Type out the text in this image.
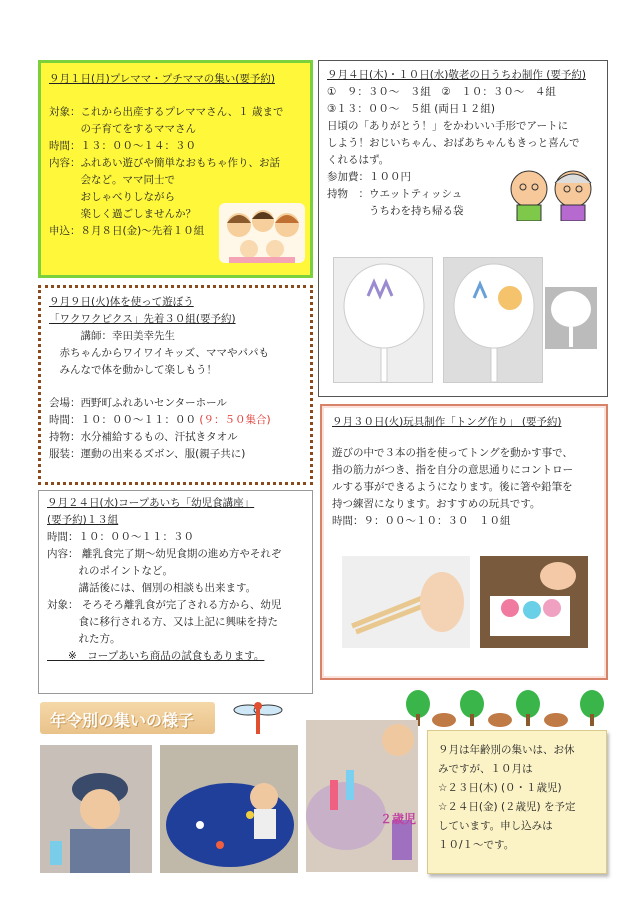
９月１日(月)プレママ・プチママの集い(要予約)
対象：これから出産するプレママさん、１ 歳まで
　　　の子育てをするママさん
時間：１３：００〜１４：３０
内容：ふれあい遊びや簡単なおもちゃ作り、お話
　　　会など。ママ同士で
　　　おしゃべりしながら
　　　楽しく過ごしませんか？
申込：８月８日(金)〜先着１０組
９月９日(火)体を使って遊ぼう
「ワクワクピクス」先着３０組(要予約)
　　　講師：幸田美幸先生
　赤ちゃんからワイワイキッズ、ママやパパも
　みんなで体を動かして楽しもう！
会場：西野町ふれあいセンターホール
時間：１０：００〜１１：００ (９：５０集合)
持物：水分補給するもの、汗拭きタオル
服装：運動の出来るズボン、服(親子共に)
９月２４日(水)コープあいち「幼児食講座」
(要予約)１３組
時間：１０：００〜１１：３０
内容： 離乳食完了期〜幼児食期の進め方やそれぞ
　　　れのポイントなど。
　　　講話後には、個別の相談も出来ます。
対象： そろそろ離乳食が完了される方から、幼児
　　　食に移行される方、又は上記に興味を持た
　　　れた方。
　　※　コープあいち商品の試食もあります。
９月４日(木)・１０日(水)敬老の日うちわ制作 (要予約)
①　９：３０〜　３組　②　１０：３０〜　４組
③１３：００〜　５組 (両日１２組)
日頃の「ありがとう！」をかわいい手形でアートに
しよう！おじいちゃん、おばあちゃんもきっと喜んで
くれるはず。
参加費：１００円
持物　：ウエットティッシュ
　　　　うちわを持ち帰る袋
９月３０日(火)玩具制作「トング作り」 (要予約)
遊びの中で３本の指を使ってトングを動かす事で、
指の筋力がつき、指を自分の意思通りにコントロー
ルする事ができるようになります。後に箸や鉛筆を
持つ練習になります。おすすめの玩具です。
時間：９：００〜１０：３０　１０組
年令別の集いの様子
２歳児
９月は年齢別の集いは、お休
みですが、１０月は
☆２３日(木) (０・１歳児)
☆２４日(金) (２歳児) を予定
しています。申し込みは
１０/１〜です。
